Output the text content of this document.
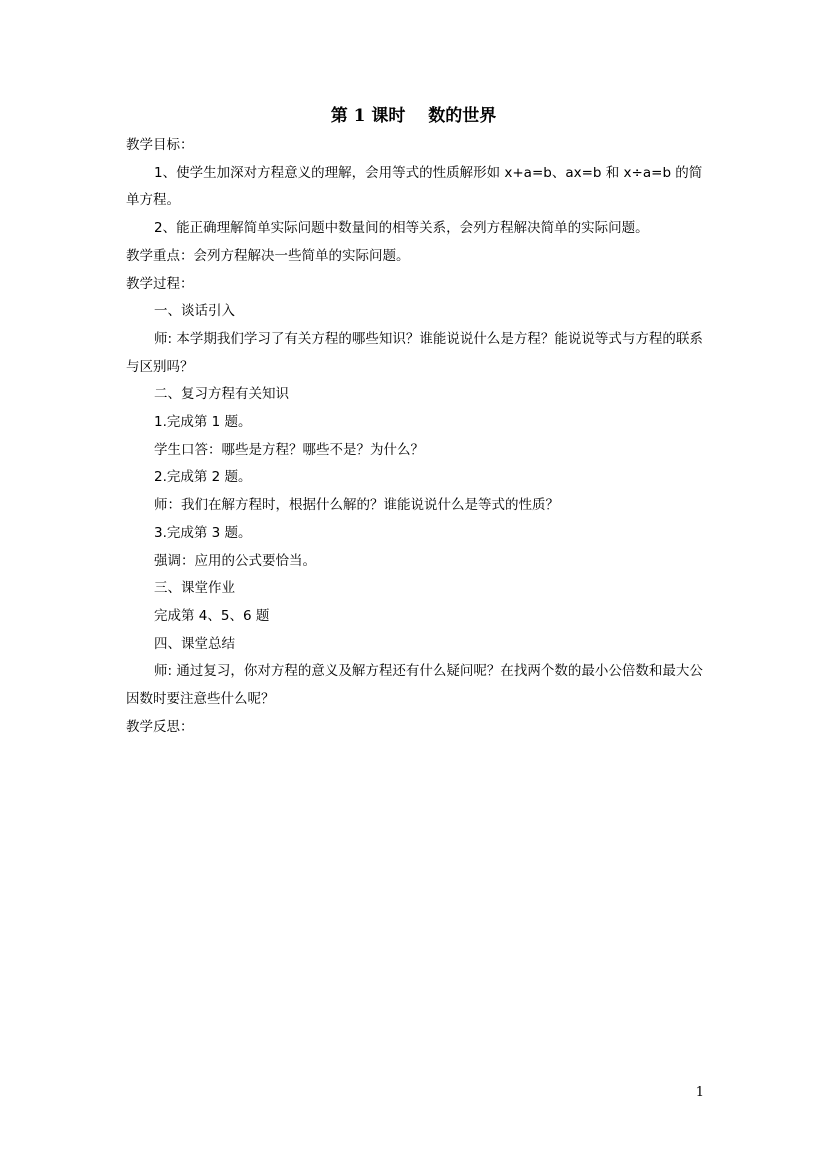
第 1 课时　 数的世界

教学目标：

1、使学生加深对方程意义的理解，会用等式的性质解形如 x+a=b、ax=b 和 x÷a=b 的简单方程。

2、能正确理解简单实际问题中数量间的相等关系，会列方程解决简单的实际问题。

教学重点：会列方程解决一些简单的实际问题。

教学过程：

一、谈话引入

师: 本学期我们学习了有关方程的哪些知识？谁能说说什么是方程？能说说等式与方程的联系与区别吗？

二、复习方程有关知识

1.完成第 1 题。

学生口答：哪些是方程？哪些不是？为什么？

2.完成第 2 题。

师：我们在解方程时，根据什么解的？谁能说说什么是等式的性质？

3.完成第 3 题。

强调：应用的公式要恰当。

三、课堂作业

完成第 4、5、6 题

四、课堂总结

师: 通过复习，你对方程的意义及解方程还有什么疑问呢？在找两个数的最小公倍数和最大公因数时要注意些什么呢？

教学反思：

1
